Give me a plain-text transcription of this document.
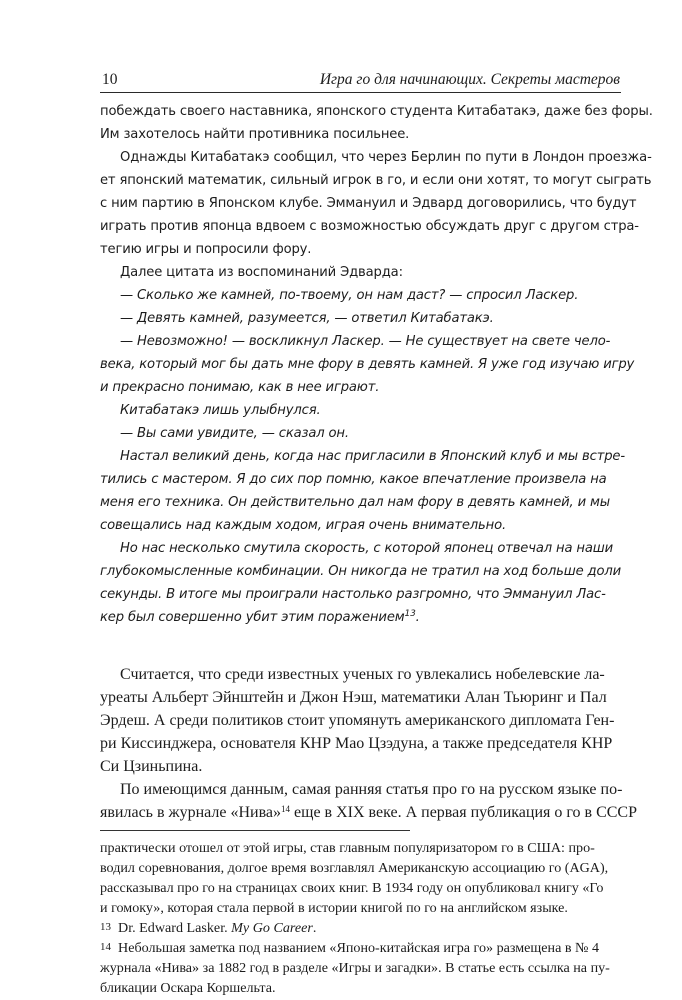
10	Игра го для начинающих. Секреты мастеров
побеждать своего наставника, японского студента Китабатакэ, даже без форы.
Им захотелось найти противника посильнее.
Однажды Китабатакэ сообщил, что через Берлин по пути в Лондон проезжа-
ет японский математик, сильный игрок в го, и если они хотят, то могут сыграть
с ним партию в Японском клубе. Эммануил и Эдвард договорились, что будут
играть против японца вдвоем с возможностью обсуждать друг с другом стра-
тегию игры и попросили фору.
Далее цитата из воспоминаний Эдварда:
— Сколько же камней, по-твоему, он нам даст? — спросил Ласкер.
— Девять камней, разумеется, — ответил Китабатакэ.
— Невозможно! — воскликнул Ласкер. — Не существует на свете чело-
века, который мог бы дать мне фору в девять камней. Я уже год изучаю игру
и прекрасно понимаю, как в нее играют.
Китабатакэ лишь улыбнулся.
— Вы сами увидите, — сказал он.
Настал великий день, когда нас пригласили в Японский клуб и мы встре-
тились с мастером. Я до сих пор помню, какое впечатление произвела на
меня его техника. Он действительно дал нам фору в девять камней, и мы
совещались над каждым ходом, играя очень внимательно.
Но нас несколько смутила скорость, с которой японец отвечал на наши
глубокомысленные комбинации. Он никогда не тратил на ход больше доли
секунды. В итоге мы проиграли настолько разгромно, что Эммануил Лас-
кер был совершенно убит этим поражением$^{13}$.
Считается, что среди известных ученых го увлекались нобелевские ла-
уреаты Альберт Эйнштейн и Джон Нэш, математики Алан Тьюринг и Пал
Эрдеш. А среди политиков стоит упомянуть американского дипломата Ген-
ри Киссинджера, основателя КНР Мао Цзэдуна, а также председателя КНР
Си Цзиньпина.
По имеющимся данным, самая ранняя статья про го на русском языке по-
явилась в журнале «Нива»$^{14}$ еще в XIX веке. А первая публикация о го в СССР
практически отошел от этой игры, став главным популяризатором го в США: про-
водил соревнования, долгое время возглавлял Американскую ассоциацию го (AGA),
рассказывал про го на страницах своих книг. В 1934 году он опубликовал книгу «Го
и гомоку», которая стала первой в истории книгой по го на английском языке.
13 Dr. Edward Lasker. My Go Career.
14 Небольшая заметка под названием «Японо-китайская игра го» размещена в № 4
журнала «Нива» за 1882 год в разделе «Игры и загадки». В статье есть ссылка на пу-
бликации Оскара Коршельта.
